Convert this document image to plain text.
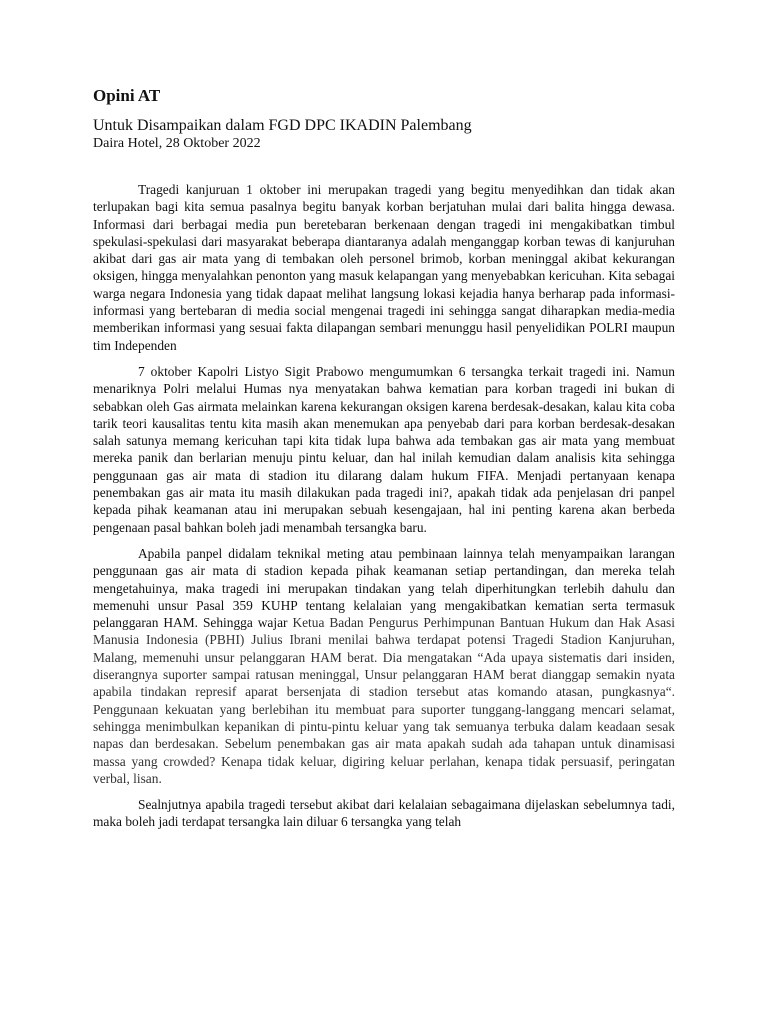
Opini AT

Untuk Disampaikan dalam FGD DPC IKADIN Palembang

Daira Hotel, 28 Oktober 2022

Tragedi kanjuruan 1 oktober ini merupakan tragedi yang begitu menyedihkan dan tidak akan terlupakan bagi kita semua pasalnya begitu banyak korban berjatuhan mulai dari balita hingga dewasa. Informasi dari berbagai media pun beretebaran berkenaan dengan tragedi ini mengakibatkan timbul spekulasi-spekulasi dari masyarakat beberapa diantaranya adalah menganggap korban tewas di kanjuruhan akibat dari gas air mata yang di tembakan oleh personel brimob, korban meninggal akibat kekurangan oksigen, hingga menyalahkan penonton yang masuk kelapangan yang menyebabkan kericuhan. Kita sebagai warga negara Indonesia yang tidak dapaat melihat langsung lokasi kejadia hanya berharap pada informasi-informasi yang bertebaran di media social mengenai tragedi ini sehingga sangat diharapkan media-media memberikan informasi yang sesuai fakta dilapangan sembari menunggu hasil penyelidikan POLRI maupun tim Independen

7 oktober Kapolri Listyo Sigit Prabowo mengumumkan 6 tersangka terkait tragedi ini. Namun menariknya Polri melalui Humas nya menyatakan bahwa kematian para korban tragedi ini bukan di sebabkan oleh Gas airmata melainkan karena kekurangan oksigen karena berdesak-desakan, kalau kita coba tarik teori kausalitas tentu kita masih akan menemukan apa penyebab dari para korban berdesak-desakan salah satunya memang kericuhan tapi kita tidak lupa bahwa ada tembakan gas air mata yang membuat mereka panik dan berlarian menuju pintu keluar, dan hal inilah kemudian dalam analisis kita sehingga penggunaan gas air mata di stadion itu dilarang dalam hukum FIFA. Menjadi pertanyaan kenapa penembakan gas air mata itu masih dilakukan pada tragedi ini?, apakah tidak ada penjelasan dri panpel kepada pihak keamanan atau ini merupakan sebuah kesengajaan, hal ini penting karena akan berbeda pengenaan pasal bahkan boleh jadi menambah tersangka baru.

Apabila panpel didalam teknikal meting atau pembinaan lainnya telah menyampaikan larangan penggunaan gas air mata di stadion kepada pihak keamanan setiap pertandingan, dan mereka telah mengetahuinya, maka tragedi ini merupakan tindakan yang telah diperhitungkan terlebih dahulu dan memenuhi unsur Pasal 359 KUHP tentang kelalaian yang mengakibatkan kematian serta termasuk pelanggaran HAM. Sehingga wajar Ketua Badan Pengurus Perhimpunan Bantuan Hukum dan Hak Asasi Manusia Indonesia (PBHI) Julius Ibrani menilai bahwa terdapat potensi Tragedi Stadion Kanjuruhan, Malang, memenuhi unsur pelanggaran HAM berat. Dia mengatakan “Ada upaya sistematis dari insiden, diserangnya suporter sampai ratusan meninggal, Unsur pelanggaran HAM berat dianggap semakin nyata apabila tindakan represif aparat bersenjata di stadion tersebut atas komando atasan, pungkasnya“. Penggunaan kekuatan yang berlebihan itu membuat para suporter tunggang-langgang mencari selamat, sehingga menimbulkan kepanikan di pintu-pintu keluar yang tak semuanya terbuka dalam keadaan sesak napas dan berdesakan. Sebelum penembakan gas air mata apakah sudah ada tahapan untuk dinamisasi massa yang crowded? Kenapa tidak keluar, digiring keluar perlahan, kenapa tidak persuasif, peringatan verbal, lisan.

Sealnjutnya apabila tragedi tersebut akibat dari kelalaian sebagaimana dijelaskan sebelumnya tadi, maka boleh jadi terdapat tersangka lain diluar 6 tersangka yang telah
